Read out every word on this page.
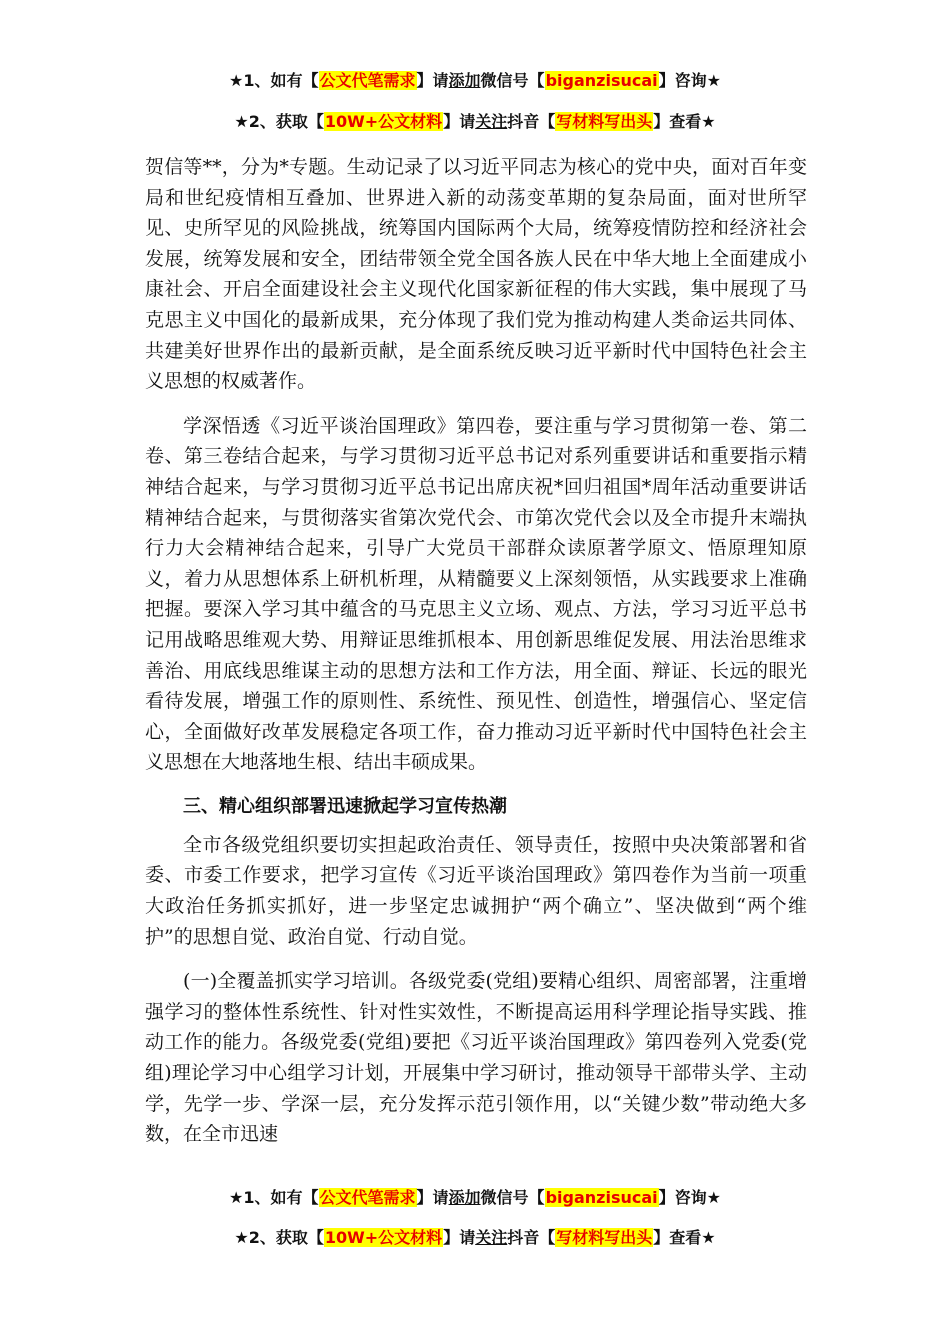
★1、如有【公文代笔需求】请添加微信号【biganzisucai】咨询★
★2、获取【10W+公文材料】请关注抖音【写材料写出头】查看★

贺信等**，分为*专题。生动记录了以习近平同志为核心的党中央，面对百年变局和世纪疫情相互叠加、世界进入新的动荡变革期的复杂局面，面对世所罕见、史所罕见的风险挑战，统筹国内国际两个大局，统筹疫情防控和经济社会发展，统筹发展和安全，团结带领全党全国各族人民在中华大地上全面建成小康社会、开启全面建设社会主义现代化国家新征程的伟大实践，集中展现了马克思主义中国化的最新成果，充分体现了我们党为推动构建人类命运共同体、共建美好世界作出的最新贡献，是全面系统反映习近平新时代中国特色社会主义思想的权威著作。

学深悟透《习近平谈治国理政》第四卷，要注重与学习贯彻第一卷、第二卷、第三卷结合起来，与学习贯彻习近平总书记对系列重要讲话和重要指示精神结合起来，与学习贯彻习近平总书记出席庆祝*回归祖国*周年活动重要讲话精神结合起来，与贯彻落实省第次党代会、市第次党代会以及全市提升末端执行力大会精神结合起来，引导广大党员干部群众读原著学原文、悟原理知原义，着力从思想体系上研机析理，从精髓要义上深刻领悟，从实践要求上准确把握。要深入学习其中蕴含的马克思主义立场、观点、方法，学习习近平总书记用战略思维观大势、用辩证思维抓根本、用创新思维促发展、用法治思维求善治、用底线思维谋主动的思想方法和工作方法，用全面、辩证、长远的眼光看待发展，增强工作的原则性、系统性、预见性、创造性，增强信心、坚定信心，全面做好改革发展稳定各项工作，奋力推动习近平新时代中国特色社会主义思想在大地落地生根、结出丰硕成果。

三、精心组织部署迅速掀起学习宣传热潮

全市各级党组织要切实担起政治责任、领导责任，按照中央决策部署和省委、市委工作要求，把学习宣传《习近平谈治国理政》第四卷作为当前一项重大政治任务抓实抓好，进一步坚定忠诚拥护“两个确立”、坚决做到“两个维护”的思想自觉、政治自觉、行动自觉。

(一)全覆盖抓实学习培训。各级党委(党组)要精心组织、周密部署，注重增强学习的整体性系统性、针对性实效性，不断提高运用科学理论指导实践、推动工作的能力。各级党委(党组)要把《习近平谈治国理政》第四卷列入党委(党组)理论学习中心组学习计划，开展集中学习研讨，推动领导干部带头学、主动学，先学一步、学深一层，充分发挥示范引领作用，以“关键少数”带动绝大多数，在全市迅速

★1、如有【公文代笔需求】请添加微信号【biganzisucai】咨询★
★2、获取【10W+公文材料】请关注抖音【写材料写出头】查看★
